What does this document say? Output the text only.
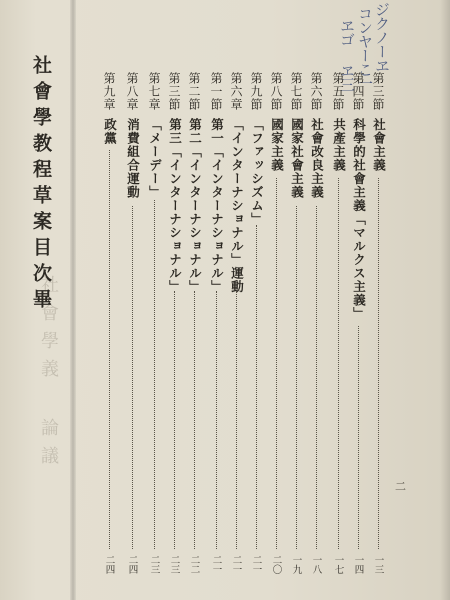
社會學義 論議
社會學教程草案目次畢
ジクノーヱ
コンヤーこ一
ヱゴ ヱ三
二
第三節
社會主義
一三
第四節
科學的社會主義「マルクス主義」
一四
第五節
共產主義
一七
第六節
社會改良主義
一八
第七節
國家社會主義
一九
第八節
國家主義
二〇
第九節
「ファッシズム」
二一
第六章
「インターナショナル」運動
二一
第一節
第一「インターナショナル」
二一
第二節
第二「インターナショナル」
二二
第三節
第三「インターナショナル」
二三
第七章
「メーデー」
二三
第八章
消費組合運動
二四
第九章
政黨
二四
